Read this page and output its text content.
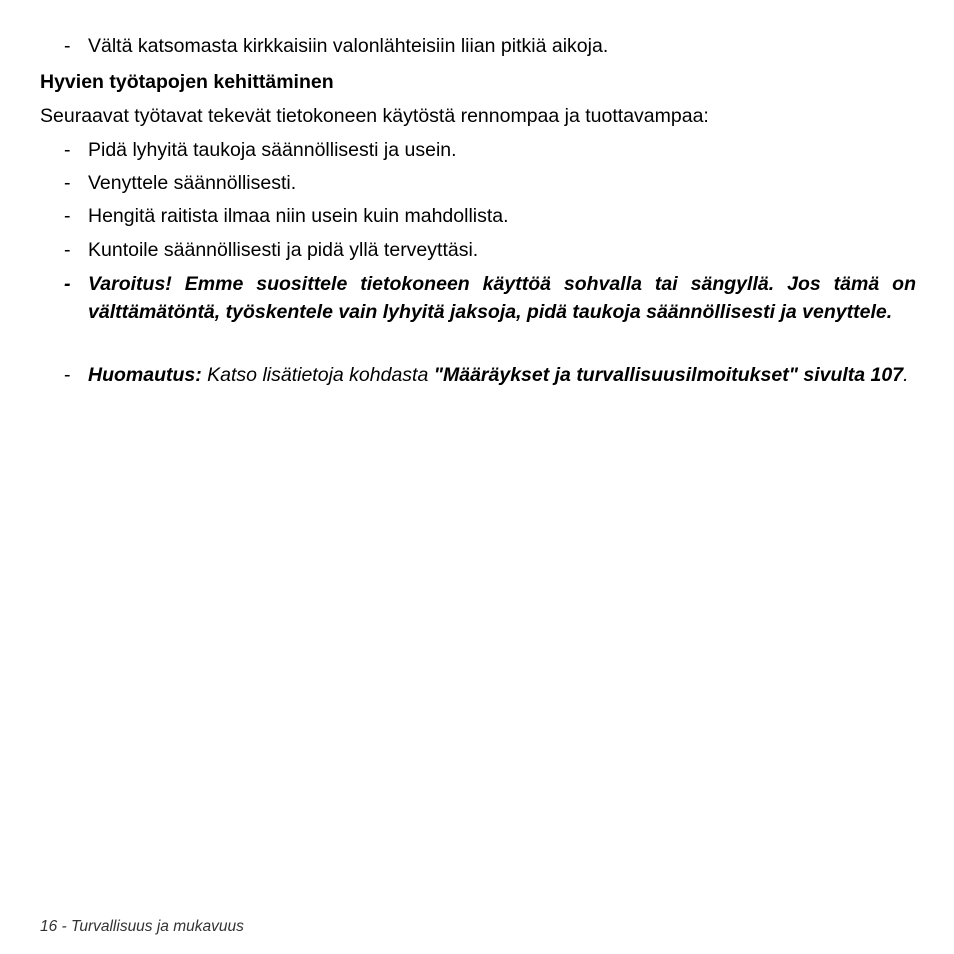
- Vältä katsomasta kirkkaisiin valonlähteisiin liian pitkiä aikoja.
Hyvien työtapojen kehittäminen
Seuraavat työtavat tekevät tietokoneen käytöstä rennompaa ja tuottavampaa:
- Pidä lyhyitä taukoja säännöllisesti ja usein.
- Venyttele säännöllisesti.
- Hengitä raitista ilmaa niin usein kuin mahdollista.
- Kuntoile säännöllisesti ja pidä yllä terveyttäsi.
- Varoitus! Emme suosittele tietokoneen käyttöä sohvalla tai sängyllä. Jos tämä on välttämätöntä, työskentele vain lyhyitä jaksoja, pidä taukoja säännöllisesti ja venyttele.
- Huomautus: Katso lisätietoja kohdasta "Määräykset ja turvallisuusilmoitukset" sivulta 107.
16 - Turvallisuus ja mukavuus
